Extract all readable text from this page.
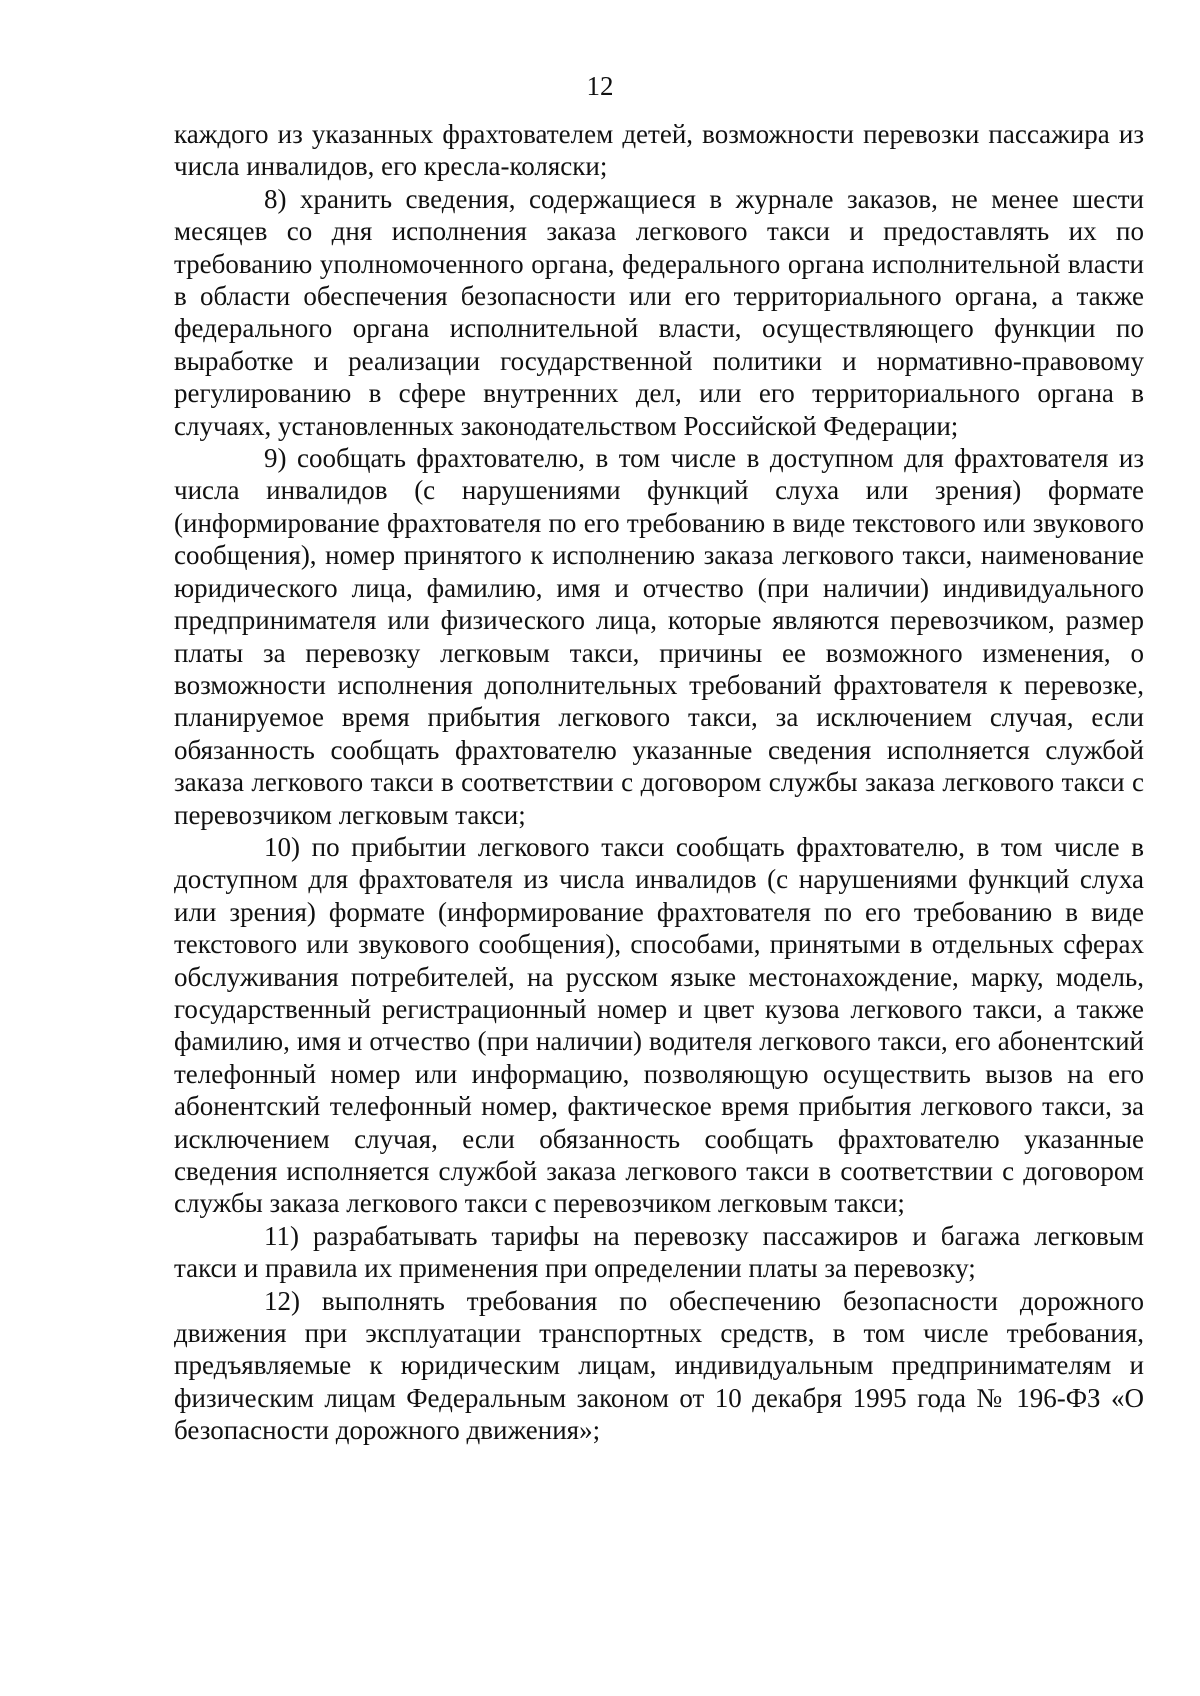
12

каждого из указанных фрахтователем детей, возможности перевозки пассажира из числа инвалидов, его кресла-коляски;

8) хранить сведения, содержащиеся в журнале заказов, не менее шести месяцев со дня исполнения заказа легкового такси и предоставлять их по требованию уполномоченного органа, федерального органа исполнительной власти в области обеспечения безопасности или его территориального органа, а также федерального органа исполнительной власти, осуществляющего функции по выработке и реализации государственной политики и нормативно-правовому регулированию в сфере внутренних дел, или его территориального органа в случаях, установленных законодательством Российской Федерации;

9) сообщать фрахтователю, в том числе в доступном для фрахтователя из числа инвалидов (с нарушениями функций слуха или зрения) формате (информирование фрахтователя по его требованию в виде текстового или звукового сообщения), номер принятого к исполнению заказа легкового такси, наименование юридического лица, фамилию, имя и отчество (при наличии) индивидуального предпринимателя или физического лица, которые являются перевозчиком, размер платы за перевозку легковым такси, причины ее возможного изменения, о возможности исполнения дополнительных требований фрахтователя к перевозке, планируемое время прибытия легкового такси, за исключением случая, если обязанность сообщать фрахтователю указанные сведения исполняется службой заказа легкового такси в соответствии с договором службы заказа легкового такси с перевозчиком легковым такси;

10) по прибытии легкового такси сообщать фрахтователю, в том числе в доступном для фрахтователя из числа инвалидов (с нарушениями функций слуха или зрения) формате (информирование фрахтователя по его требованию в виде текстового или звукового сообщения), способами, принятыми в отдельных сферах обслуживания потребителей, на русском языке местонахождение, марку, модель, государственный регистрационный номер и цвет кузова легкового такси, а также фамилию, имя и отчество (при наличии) водителя легкового такси, его абонентский телефонный номер или информацию, позволяющую осуществить вызов на его абонентский телефонный номер, фактическое время прибытия легкового такси, за исключением случая, если обязанность сообщать фрахтователю указанные сведения исполняется службой заказа легкового такси в соответствии с договором службы заказа легкового такси с перевозчиком легковым такси;

11) разрабатывать тарифы на перевозку пассажиров и багажа легковым такси и правила их применения при определении платы за перевозку;

12) выполнять требования по обеспечению безопасности дорожного движения при эксплуатации транспортных средств, в том числе требования, предъявляемые к юридическим лицам, индивидуальным предпринимателям и физическим лицам Федеральным законом от 10 декабря 1995 года № 196-ФЗ «О безопасности дорожного движения»;
